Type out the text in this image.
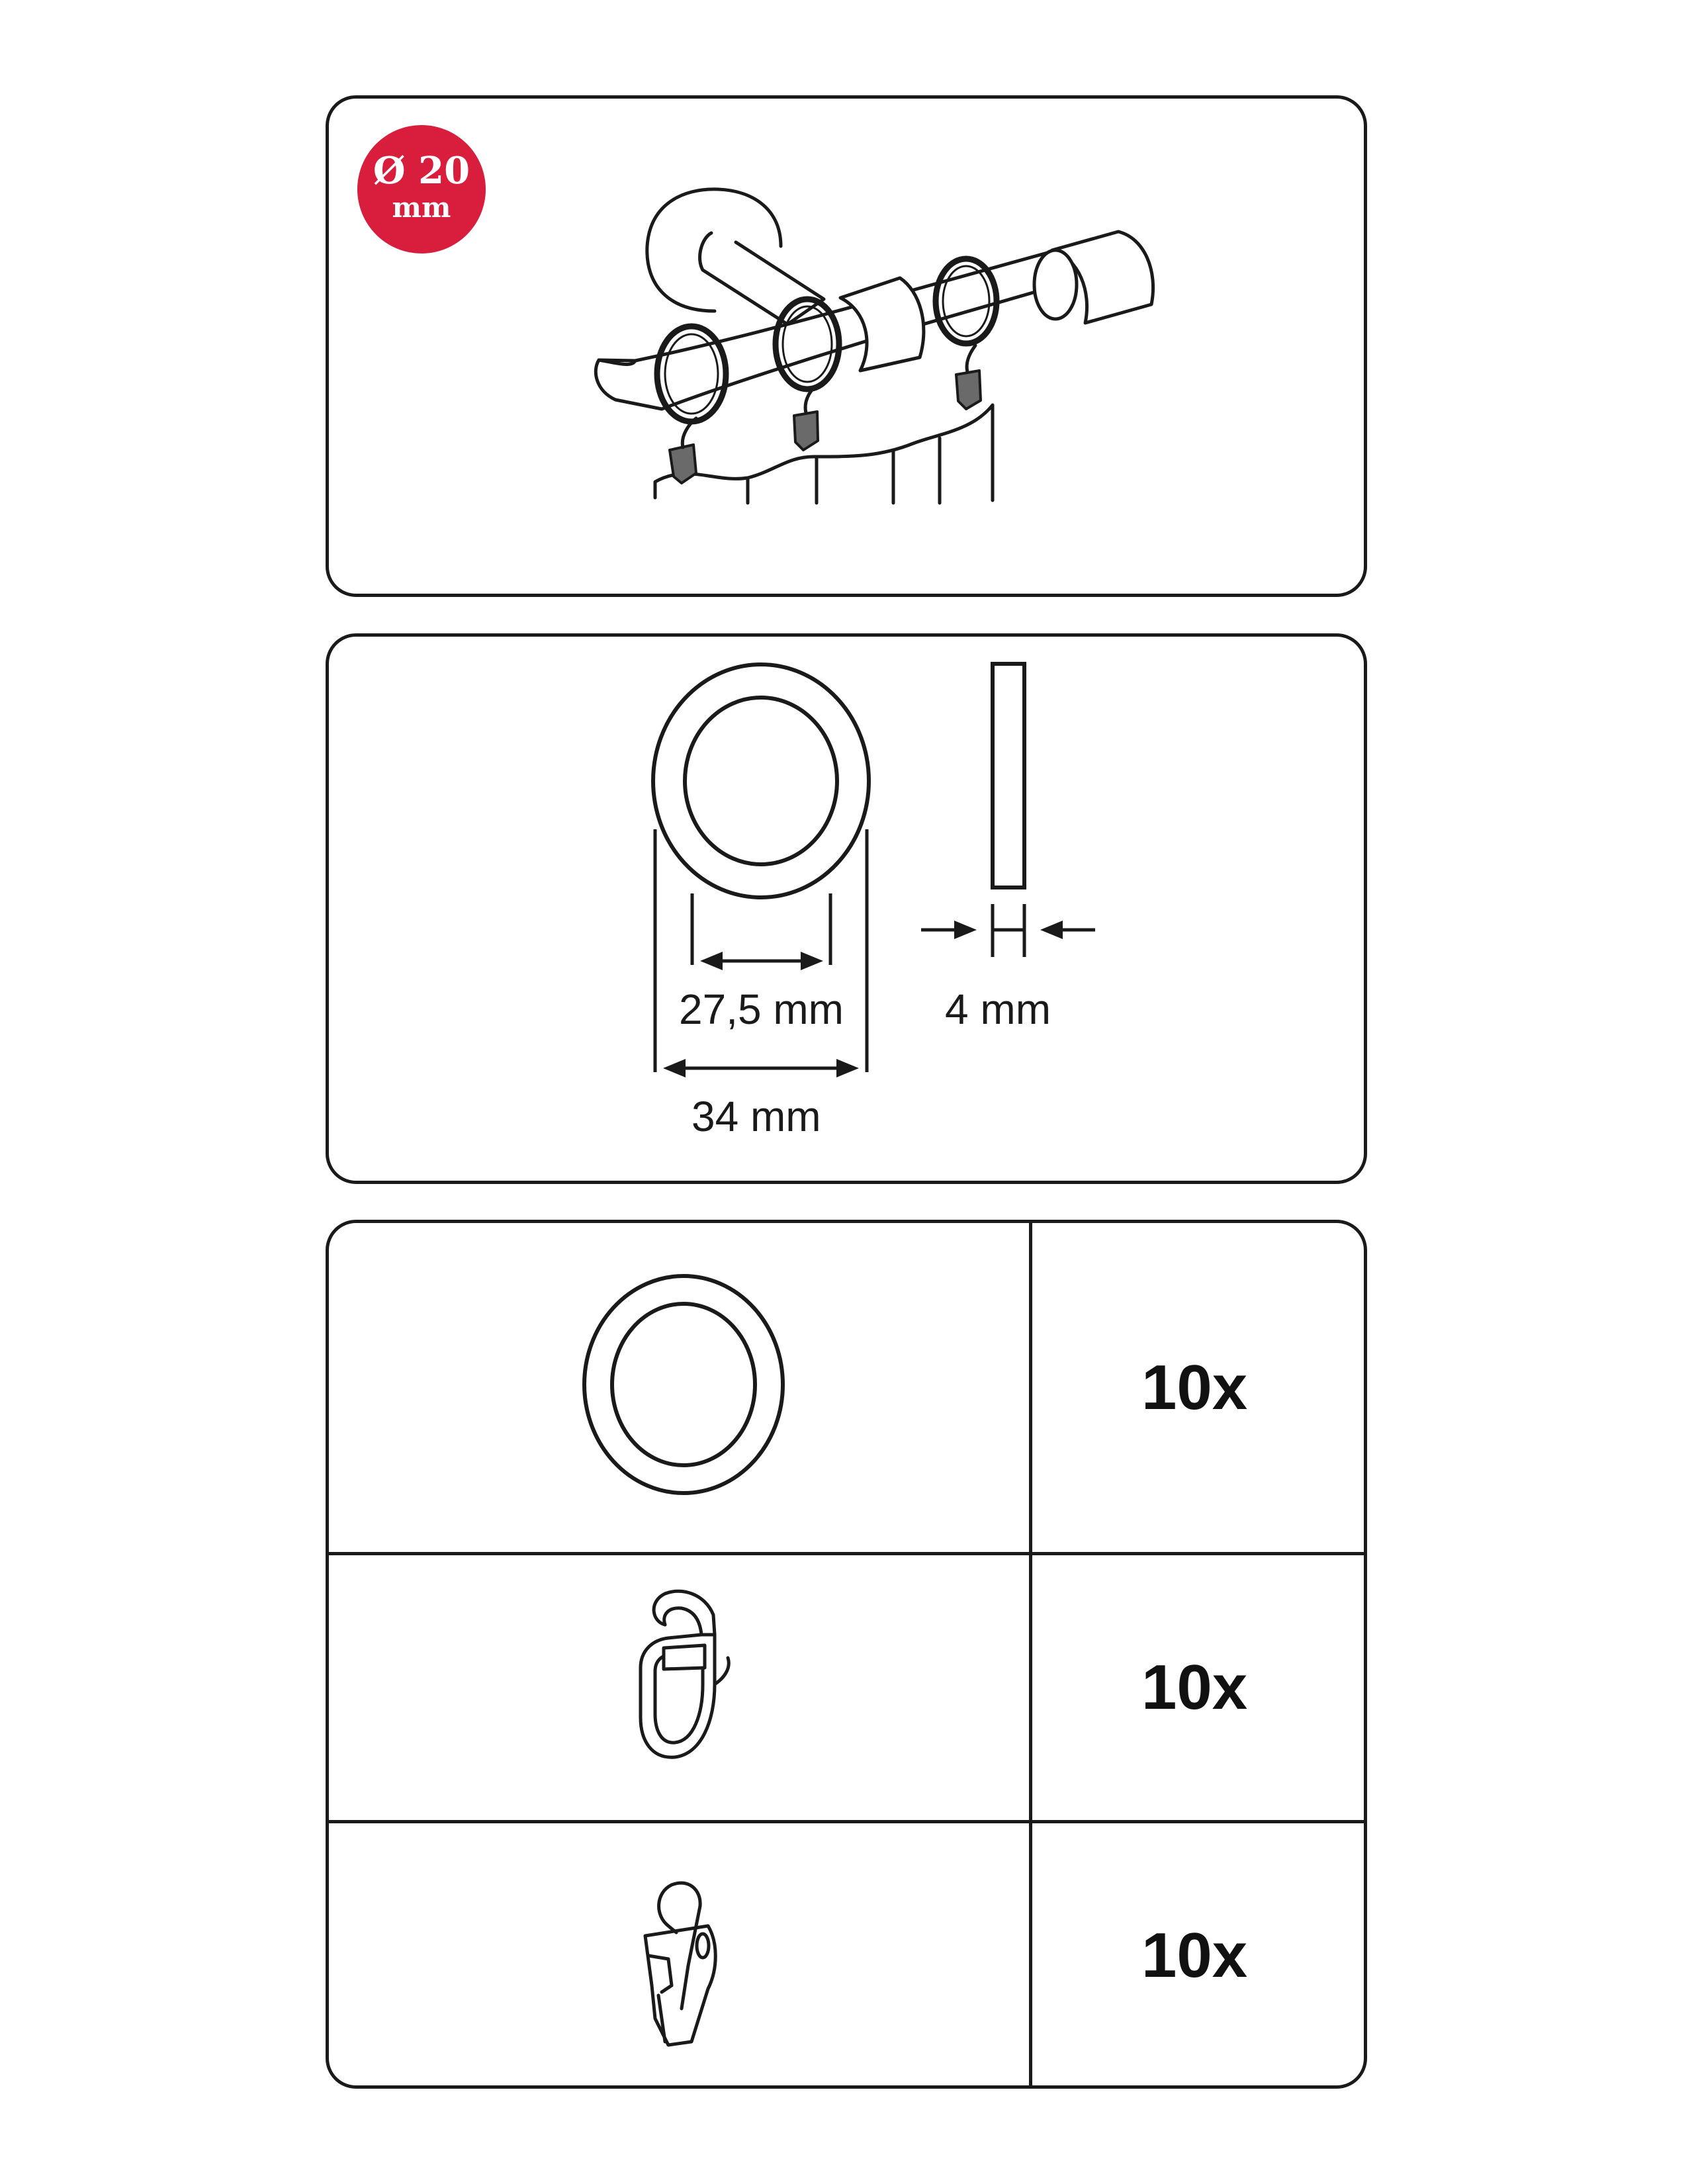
Ø 20
mm
27,5 mm
34 mm
4 mm
10x
10x
10x
